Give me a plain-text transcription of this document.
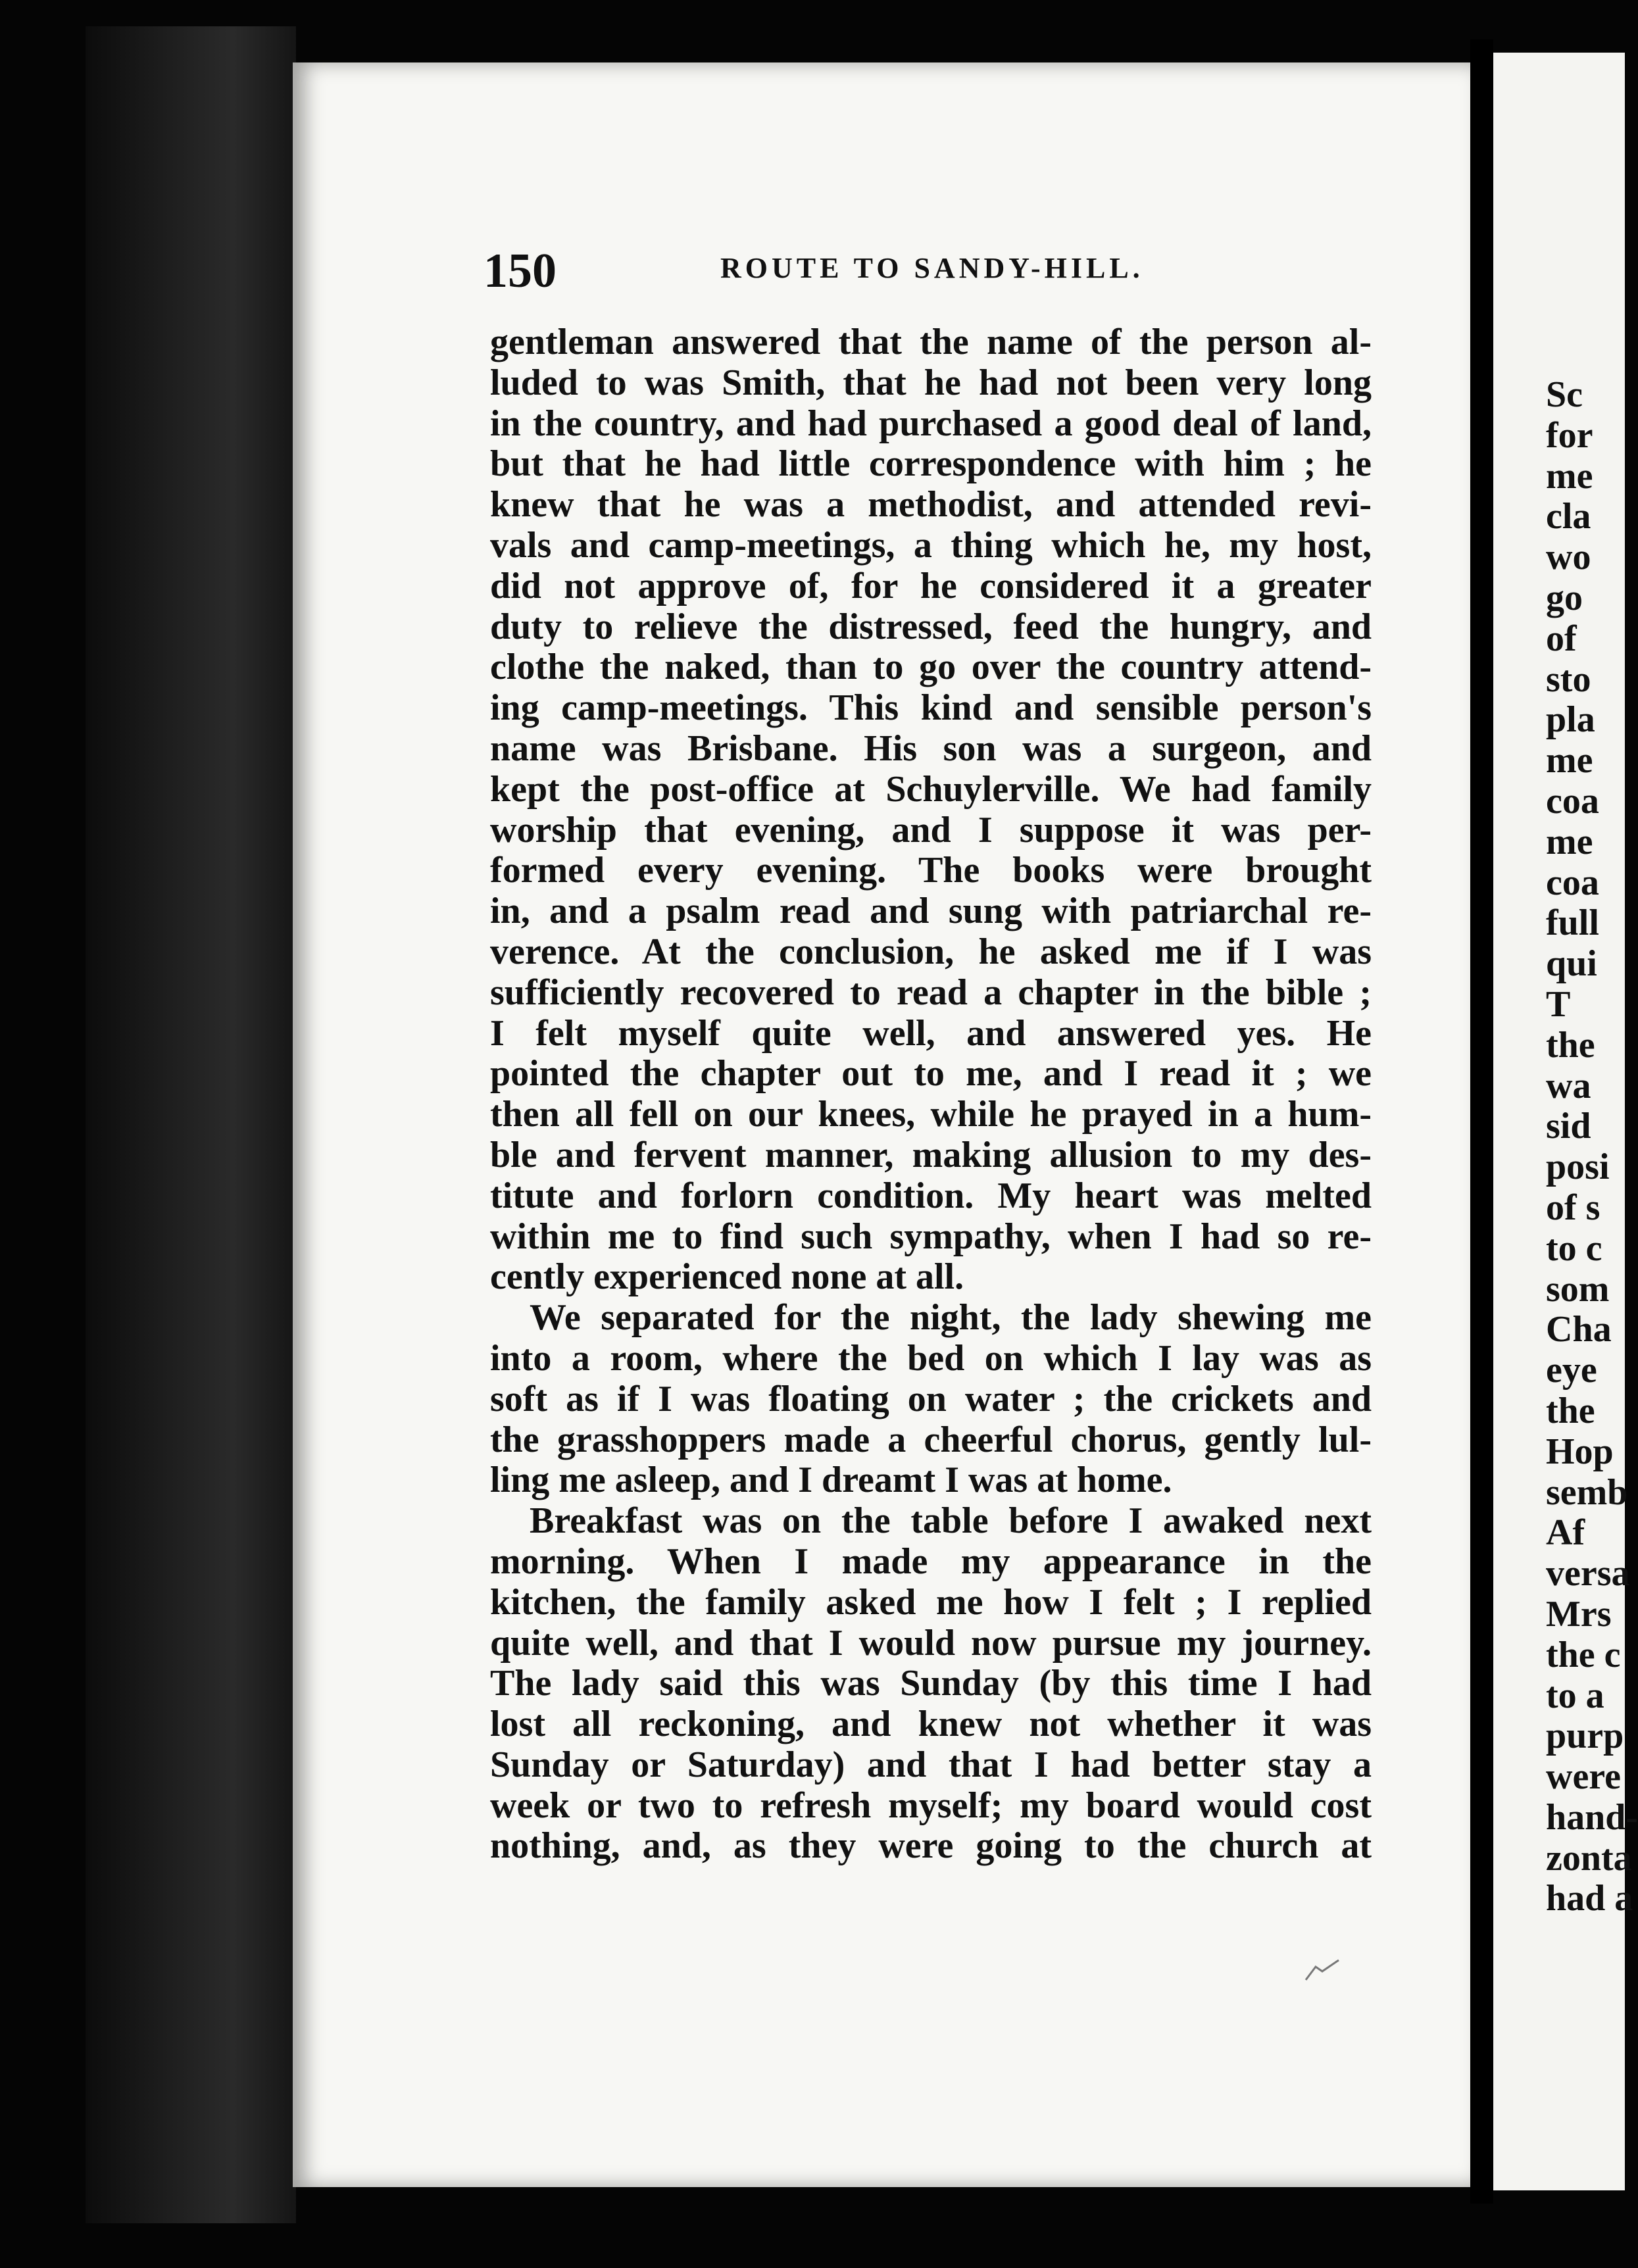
150	ROUTE TO SANDY-HILL.
gentleman answered that the name of the person al-
luded to was Smith, that he had not been very long
in the country, and had purchased a good deal of land,
but that he had little correspondence with him ; he
knew that he was a methodist, and attended revi-
vals and camp-meetings, a thing which he, my host,
did not approve of, for he considered it a greater
duty to relieve the distressed, feed the hungry, and
clothe the naked, than to go over the country attend-
ing camp-meetings. This kind and sensible person's
name was Brisbane. His son was a surgeon, and
kept the post-office at Schuylerville. We had family
worship that evening, and I suppose it was per-
formed every evening. The books were brought
in, and a psalm read and sung with patriarchal re-
verence. At the conclusion, he asked me if I was
sufficiently recovered to read a chapter in the bible ;
I felt myself quite well, and answered yes. He
pointed the chapter out to me, and I read it ; we
then all fell on our knees, while he prayed in a hum-
ble and fervent manner, making allusion to my des-
titute and forlorn condition. My heart was melted
within me to find such sympathy, when I had so re-
cently experienced none at all.
We separated for the night, the lady shewing me
into a room, where the bed on which I lay was as
soft as if I was floating on water ; the crickets and
the grasshoppers made a cheerful chorus, gently lul-
ling me asleep, and I dreamt I was at home.
Breakfast was on the table before I awaked next
morning. When I made my appearance in the
kitchen, the family asked me how I felt ; I replied
quite well, and that I would now pursue my journey.
The lady said this was Sunday (by this time I had
lost all reckoning, and knew not whether it was
Sunday or Saturday) and that I had better stay a
week or two to refresh myself; my board would cost
nothing, and, as they were going to the church at
Sc
for
me
cla
wo
go
of
sto
pla
me
coa
me
coa
full
qui
T
the
wa
sid
posi
of s
to c
som
Cha
eye
the
Hop
semb
Af
versa
Mrs
the c
to a
purp
were
hand-
zonta
had a
